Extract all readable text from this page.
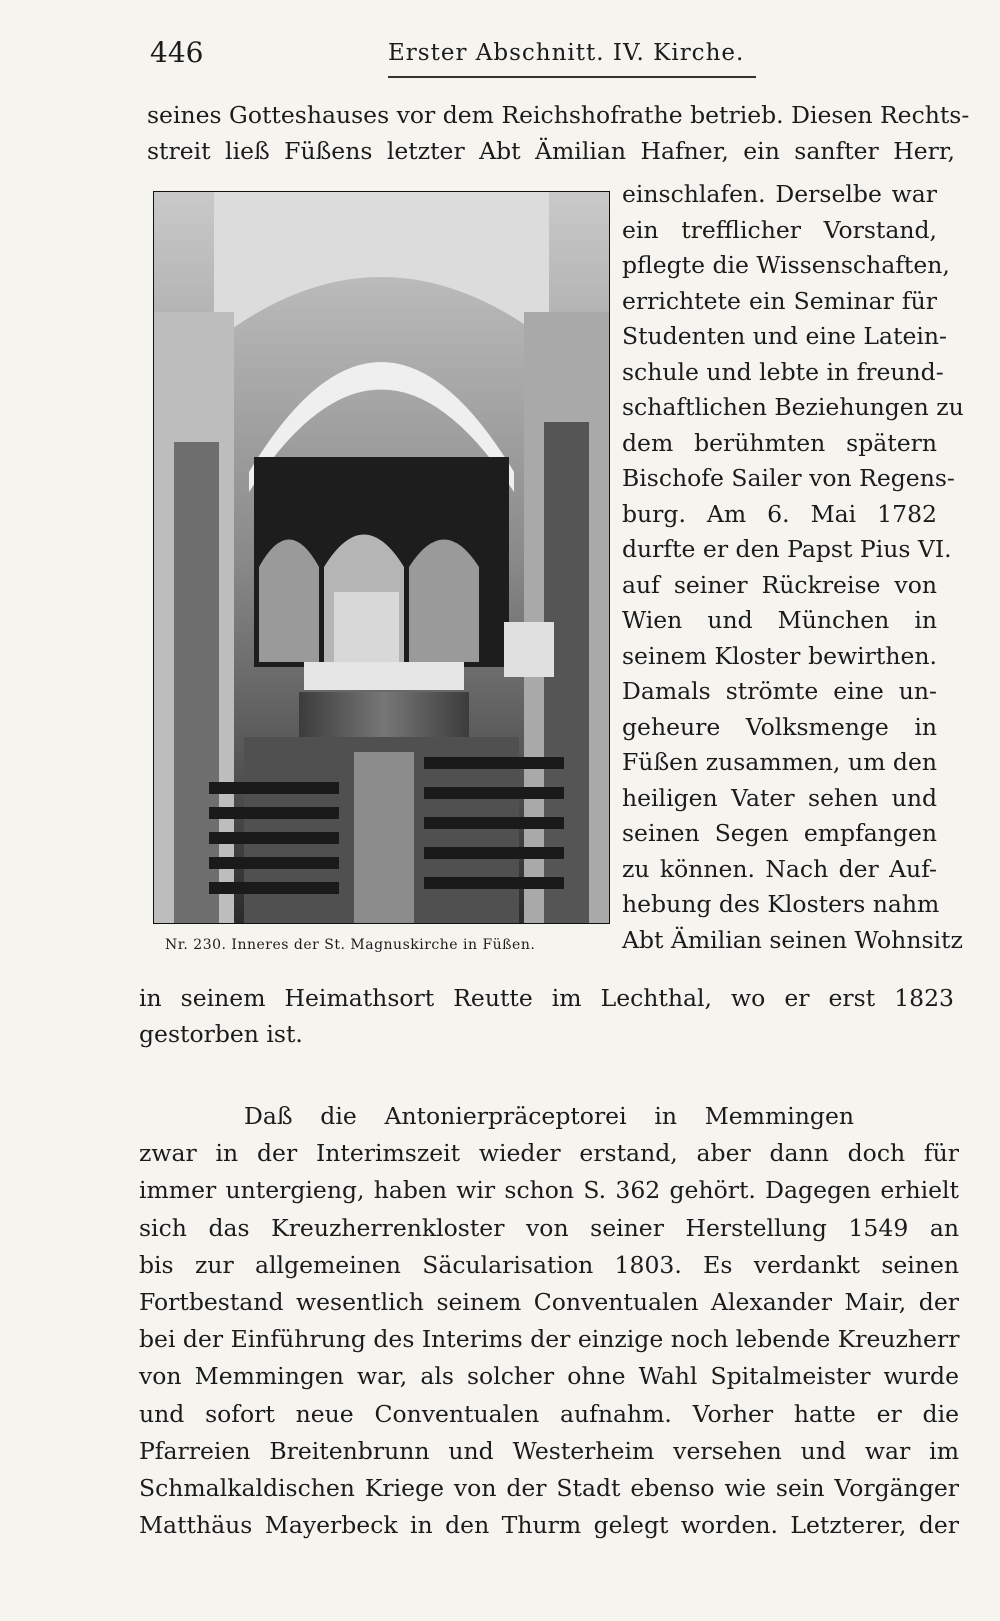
446	Erster Abschnitt. IV. Kirche.
seines Gotteshauses vor dem Reichshofrathe betrieb. Diesen Rechts-
streit ließ Füßens letzter Abt Ämilian Hafner, ein sanfter Herr,
Nr. 230. Inneres der St. Magnuskirche in Füßen.
einschlafen. Derselbe war
ein trefflicher Vorstand,
pflegte die Wissenschaften,
errichtete ein Seminar für
Studenten und eine Latein-
schule und lebte in freund-
schaftlichen Beziehungen zu
dem berühmten spätern
Bischofe Sailer von Regens-
burg. Am 6. Mai 1782
durfte er den Papst Pius VI.
auf seiner Rückreise von
Wien und München in
seinem Kloster bewirthen.
Damals strömte eine un-
geheure Volksmenge in
Füßen zusammen, um den
heiligen Vater sehen und
seinen Segen empfangen
zu können. Nach der Auf-
hebung des Klosters nahm
Abt Ämilian seinen Wohnsitz
in seinem Heimathsort Reutte im Lechthal, wo er erst 1823
gestorben ist.
Daß die Antonierpräceptorei in Memmingen
zwar in der Interimszeit wieder erstand, aber dann doch für
immer untergieng, haben wir schon S. 362 gehört. Dagegen erhielt
sich das Kreuzherrenkloster von seiner Herstellung 1549 an
bis zur allgemeinen Säcularisation 1803. Es verdankt seinen
Fortbestand wesentlich seinem Conventualen Alexander Mair, der
bei der Einführung des Interims der einzige noch lebende Kreuzherr
von Memmingen war, als solcher ohne Wahl Spitalmeister wurde
und sofort neue Conventualen aufnahm. Vorher hatte er die
Pfarreien Breitenbrunn und Westerheim versehen und war im
Schmalkaldischen Kriege von der Stadt ebenso wie sein Vorgänger
Matthäus Mayerbeck in den Thurm gelegt worden. Letzterer, der
